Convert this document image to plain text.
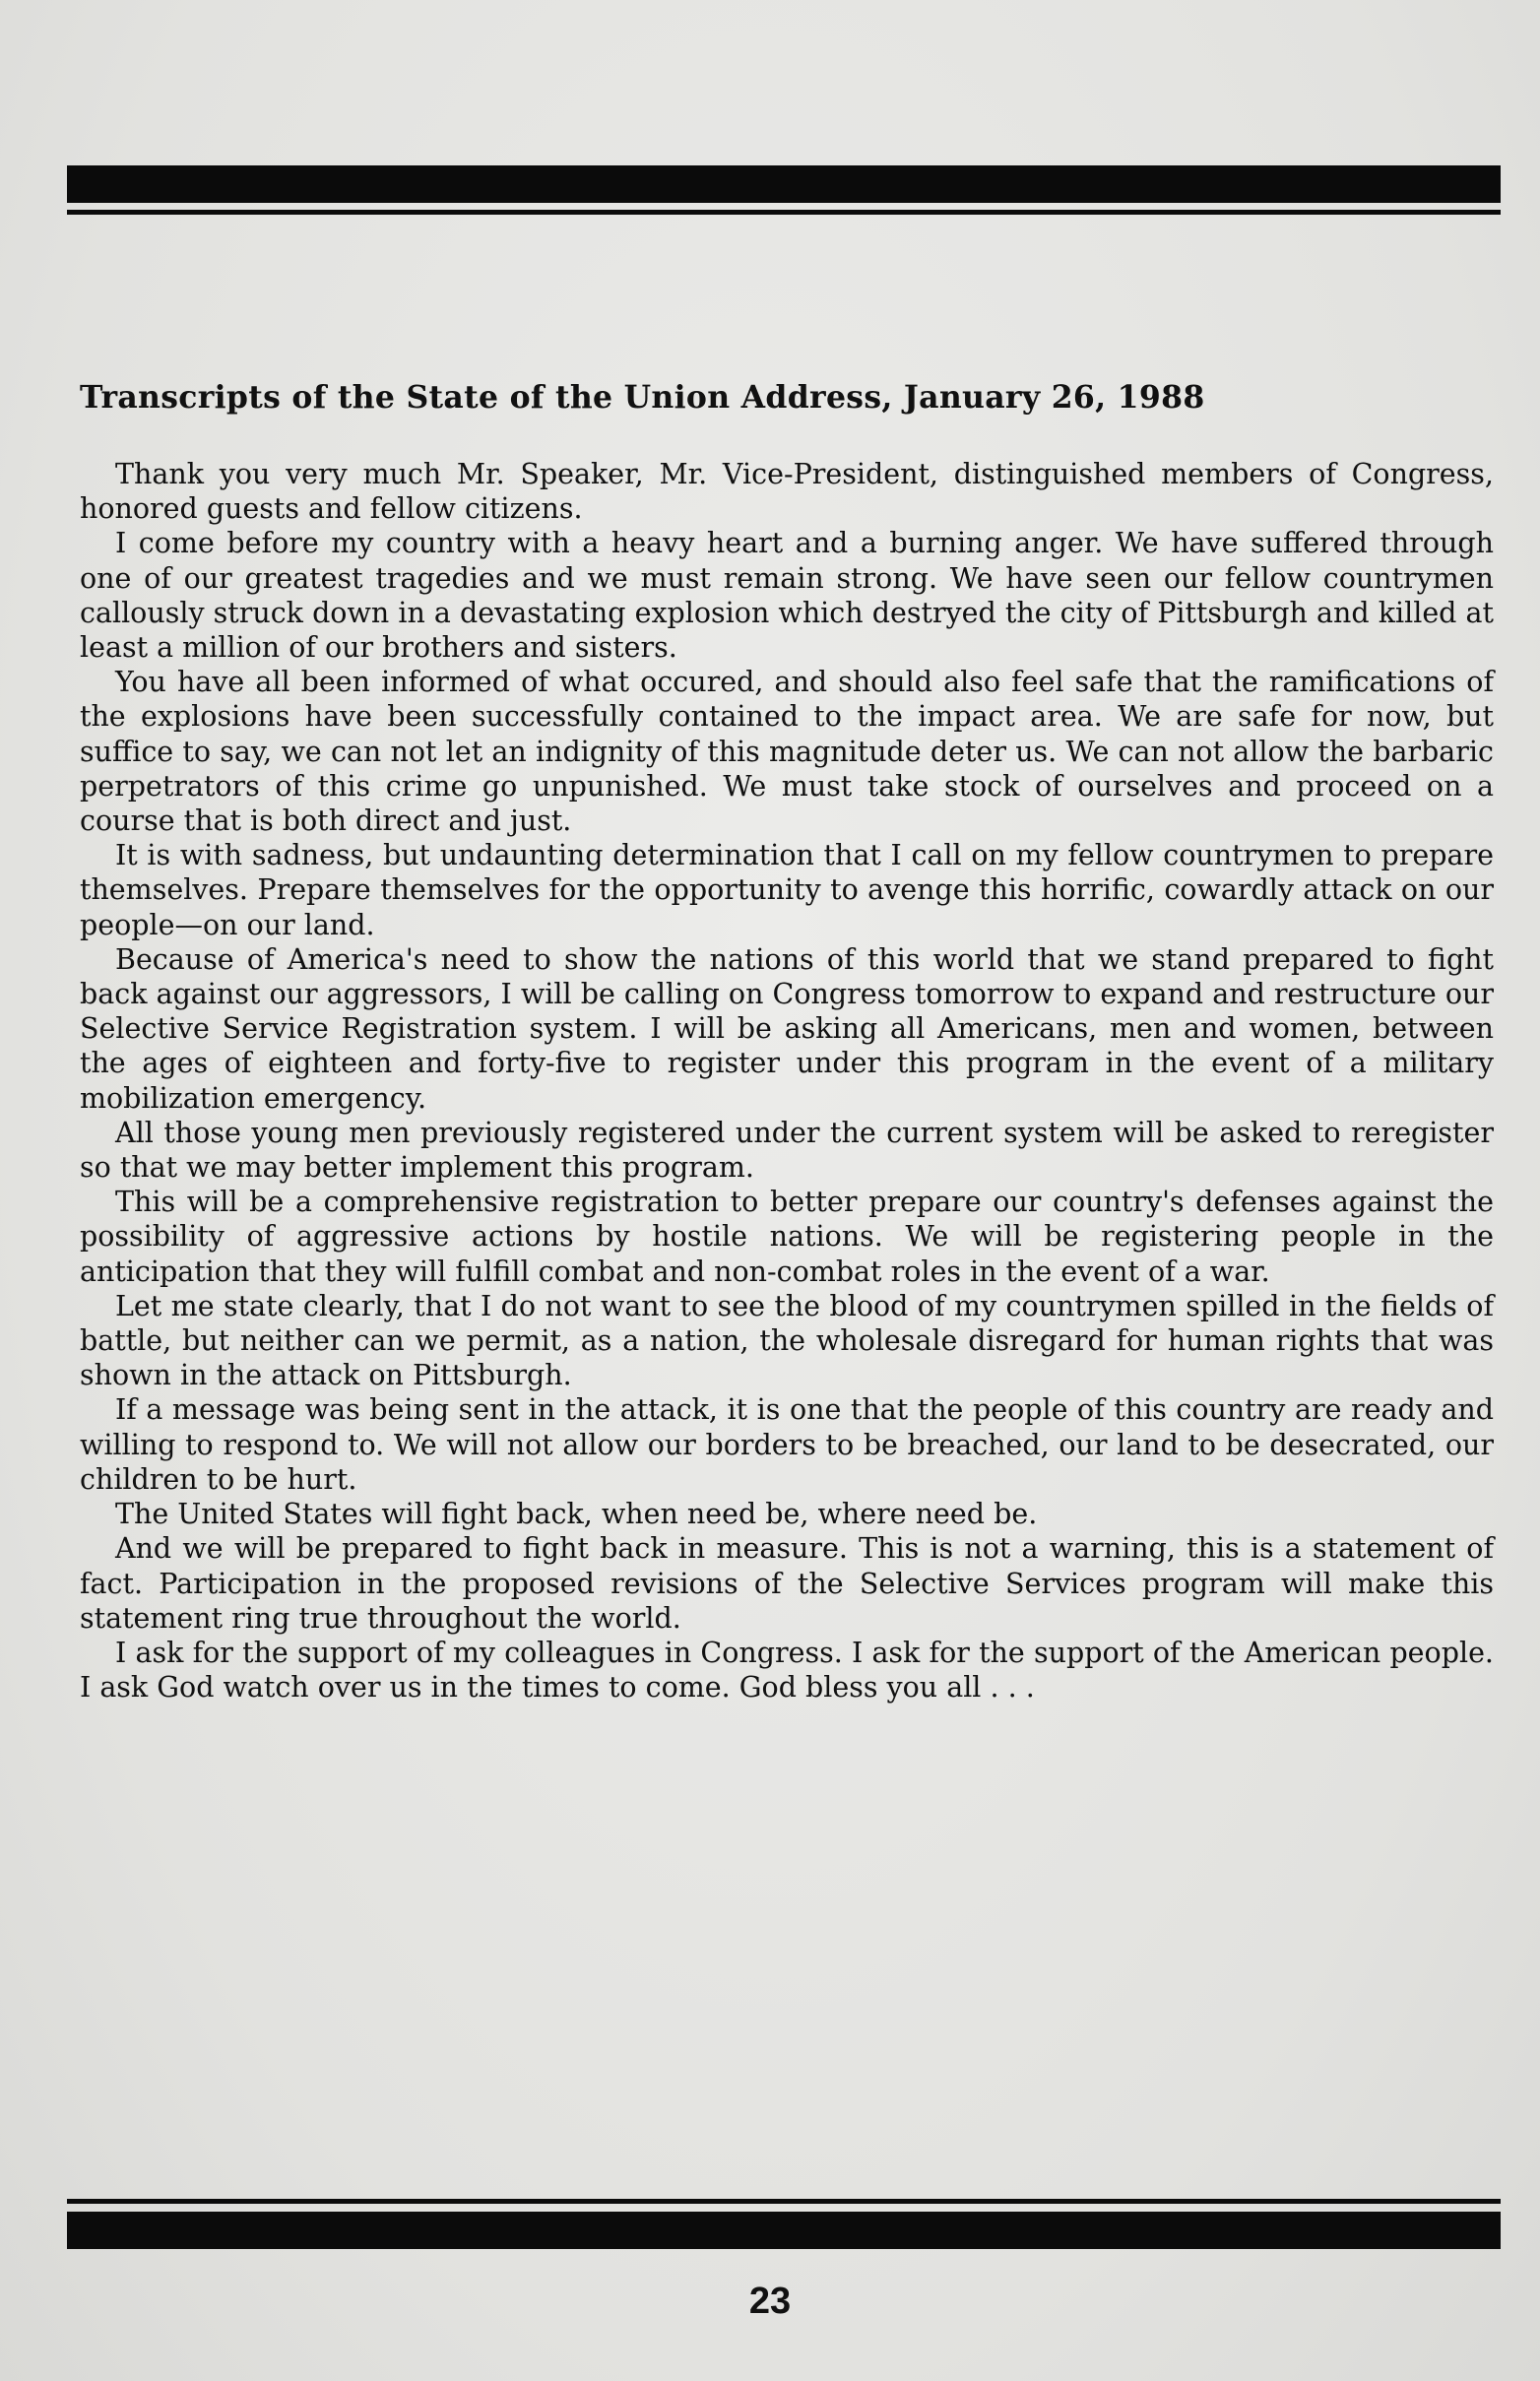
Transcripts of the State of the Union Address, January 26, 1988

Thank you very much Mr. Speaker, Mr. Vice-President, distinguished members of Congress, honored guests and fellow citizens.

I come before my country with a heavy heart and a burning anger. We have suffered through one of our greatest tragedies and we must remain strong. We have seen our fellow countrymen callously struck down in a devastating explosion which destryed the city of Pittsburgh and killed at least a million of our brothers and sisters.

You have all been informed of what occured, and should also feel safe that the ramifications of the explosions have been successfully contained to the impact area. We are safe for now, but suffice to say, we can not let an indignity of this magnitude deter us. We can not allow the barbaric perpetrators of this crime go unpunished. We must take stock of ourselves and proceed on a course that is both direct and just.

It is with sadness, but undaunting determination that I call on my fellow countrymen to prepare themselves. Prepare themselves for the opportunity to avenge this horrific, cowardly attack on our people—on our land.

Because of America's need to show the nations of this world that we stand prepared to fight back against our aggressors, I will be calling on Congress tomorrow to expand and restructure our Selective Service Registration system. I will be asking all Americans, men and women, between the ages of eighteen and forty-five to register under this program in the event of a military mobilization emergency.

All those young men previously registered under the current system will be asked to reregister so that we may better implement this program.

This will be a comprehensive registration to better prepare our country's defenses against the possibility of aggressive actions by hostile nations. We will be registering people in the anticipation that they will fulfill combat and non-combat roles in the event of a war.

Let me state clearly, that I do not want to see the blood of my countrymen spilled in the fields of battle, but neither can we permit, as a nation, the wholesale disregard for human rights that was shown in the attack on Pittsburgh.

If a message was being sent in the attack, it is one that the people of this country are ready and willing to respond to. We will not allow our borders to be breached, our land to be desecrated, our children to be hurt.

The United States will fight back, when need be, where need be.

And we will be prepared to fight back in measure. This is not a warning, this is a statement of fact. Participation in the proposed revisions of the Selective Services program will make this statement ring true throughout the world.

I ask for the support of my colleagues in Congress. I ask for the support of the American people. I ask God watch over us in the times to come. God bless you all . . .

23
